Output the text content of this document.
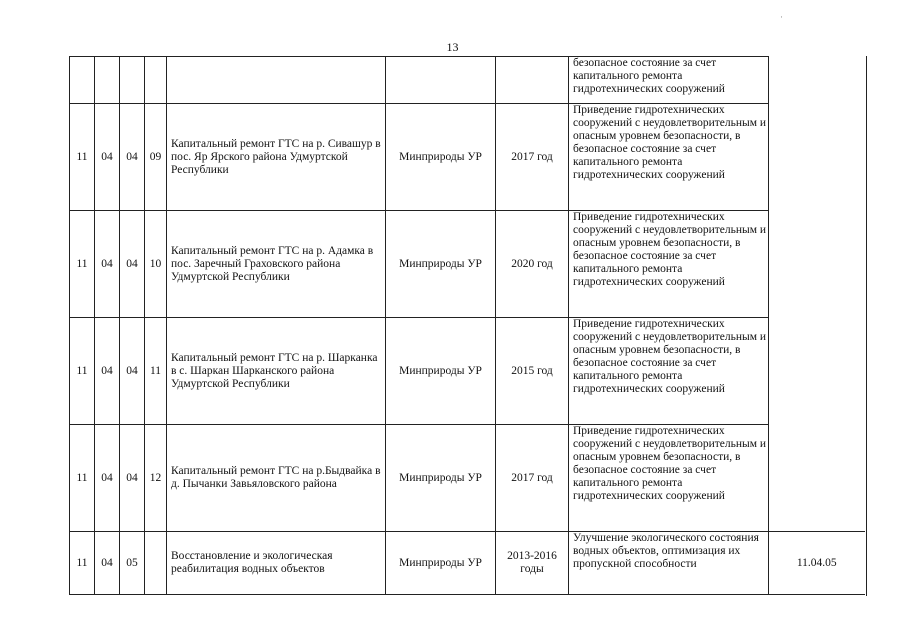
·
13
							безопасное состояние за счет капитального ремонта гидротехнических сооружений	
11	04	04	09	Капитальный ремонт ГТС на р. Сивашур в пос. Яр Ярского района Удмуртской Республики	Минприроды УР	2017 год	Приведение гидротехнических сооружений с неудовлетворительным и опасным уровнем безопасности, в безопасное состояние за счет капитального ремонта гидротехнических сооружений	
11	04	04	10	Капитальный ремонт ГТС на р. Адамка в пос. Заречный Граховского района Удмуртской Республики	Минприроды УР	2020 год	Приведение гидротехнических сооружений с неудовлетворительным и опасным уровнем безопасности, в безопасное состояние за счет капитального ремонта гидротехнических сооружений	
11	04	04	11	Капитальный ремонт ГТС на р. Шарканка в с. Шаркан Шарканского района Удмуртской Республики	Минприроды УР	2015 год	Приведение гидротехнических сооружений с неудовлетворительным и опасным уровнем безопасности, в безопасное состояние за счет капитального ремонта гидротехнических сооружений	
11	04	04	12	Капитальный ремонт ГТС на р.Быдвайка в д. Пычанки Завьяловского района	Минприроды УР	2017 год	Приведение гидротехнических сооружений с неудовлетворительным и опасным уровнем безопасности, в безопасное состояние за счет капитального ремонта гидротехнических сооружений	
11	04	05		Восстановление и экологическая реабилитация водных объектов	Минприроды УР	2013-2016 годы	Улучшение экологического состояния водных объектов, оптимизация их пропускной способности	11.04.05
